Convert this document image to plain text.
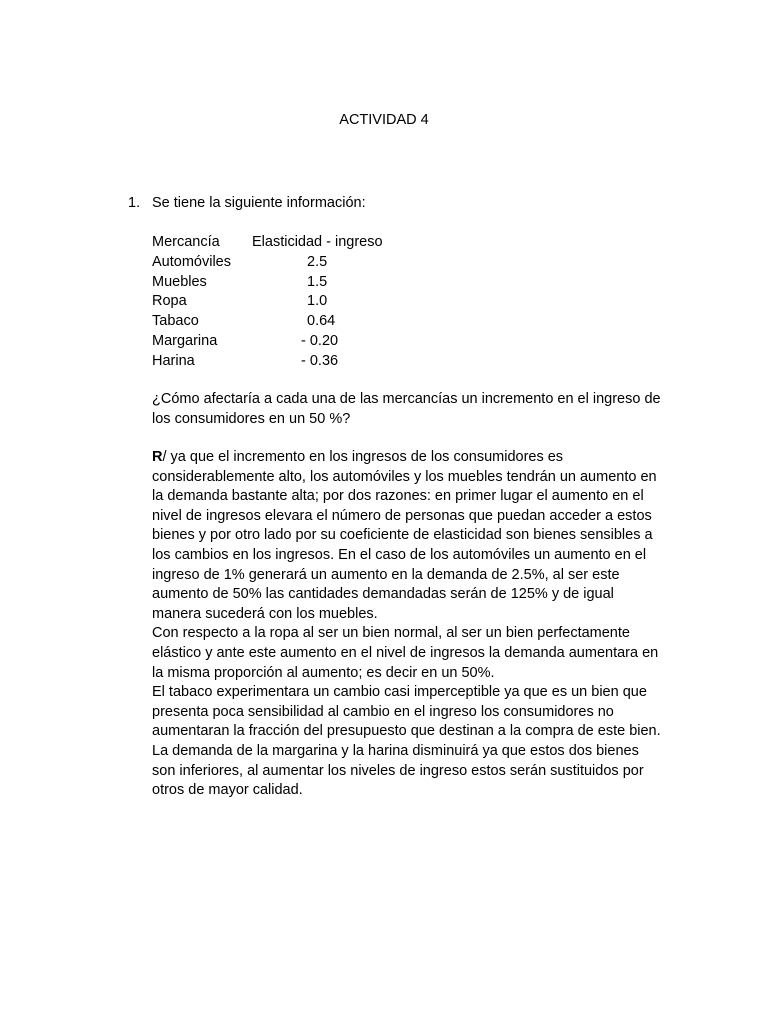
ACTIVIDAD 4
1. Se tiene la siguiente información:
Mercancía Elasticidad - ingreso
Automóviles	2.5
Muebles	1.5
Ropa	1.0
Tabaco	0.64
Margarina	- 0.20
Harina	- 0.36
¿Cómo afectaría a cada una de las mercancías un incremento en el ingreso de los consumidores en un 50 %?

R/ ya que el incremento en los ingresos de los consumidores es considerablemente alto, los automóviles y los muebles tendrán un aumento en la demanda bastante alta; por dos razones: en primer lugar el aumento en el nivel de ingresos elevara el número de personas que puedan acceder a estos bienes y por otro lado por su coeficiente de elasticidad son bienes sensibles a los cambios en los ingresos. En el caso de los automóviles un aumento en el ingreso de 1% generará un aumento en la demanda de 2.5%, al ser este aumento de 50% las cantidades demandadas serán de 125% y de igual manera sucederá con los muebles.

Con respecto a la ropa al ser un bien normal, al ser un bien perfectamente elástico y ante este aumento en el nivel de ingresos la demanda aumentara en la misma proporción al aumento; es decir en un 50%.

El tabaco experimentara un cambio casi imperceptible ya que es un bien que presenta poca sensibilidad al cambio en el ingreso los consumidores no aumentaran la fracción del presupuesto que destinan a la compra de este bien.

La demanda de la margarina y la harina disminuirá ya que estos dos bienes son inferiores, al aumentar los niveles de ingreso estos serán sustituidos por otros de mayor calidad.
